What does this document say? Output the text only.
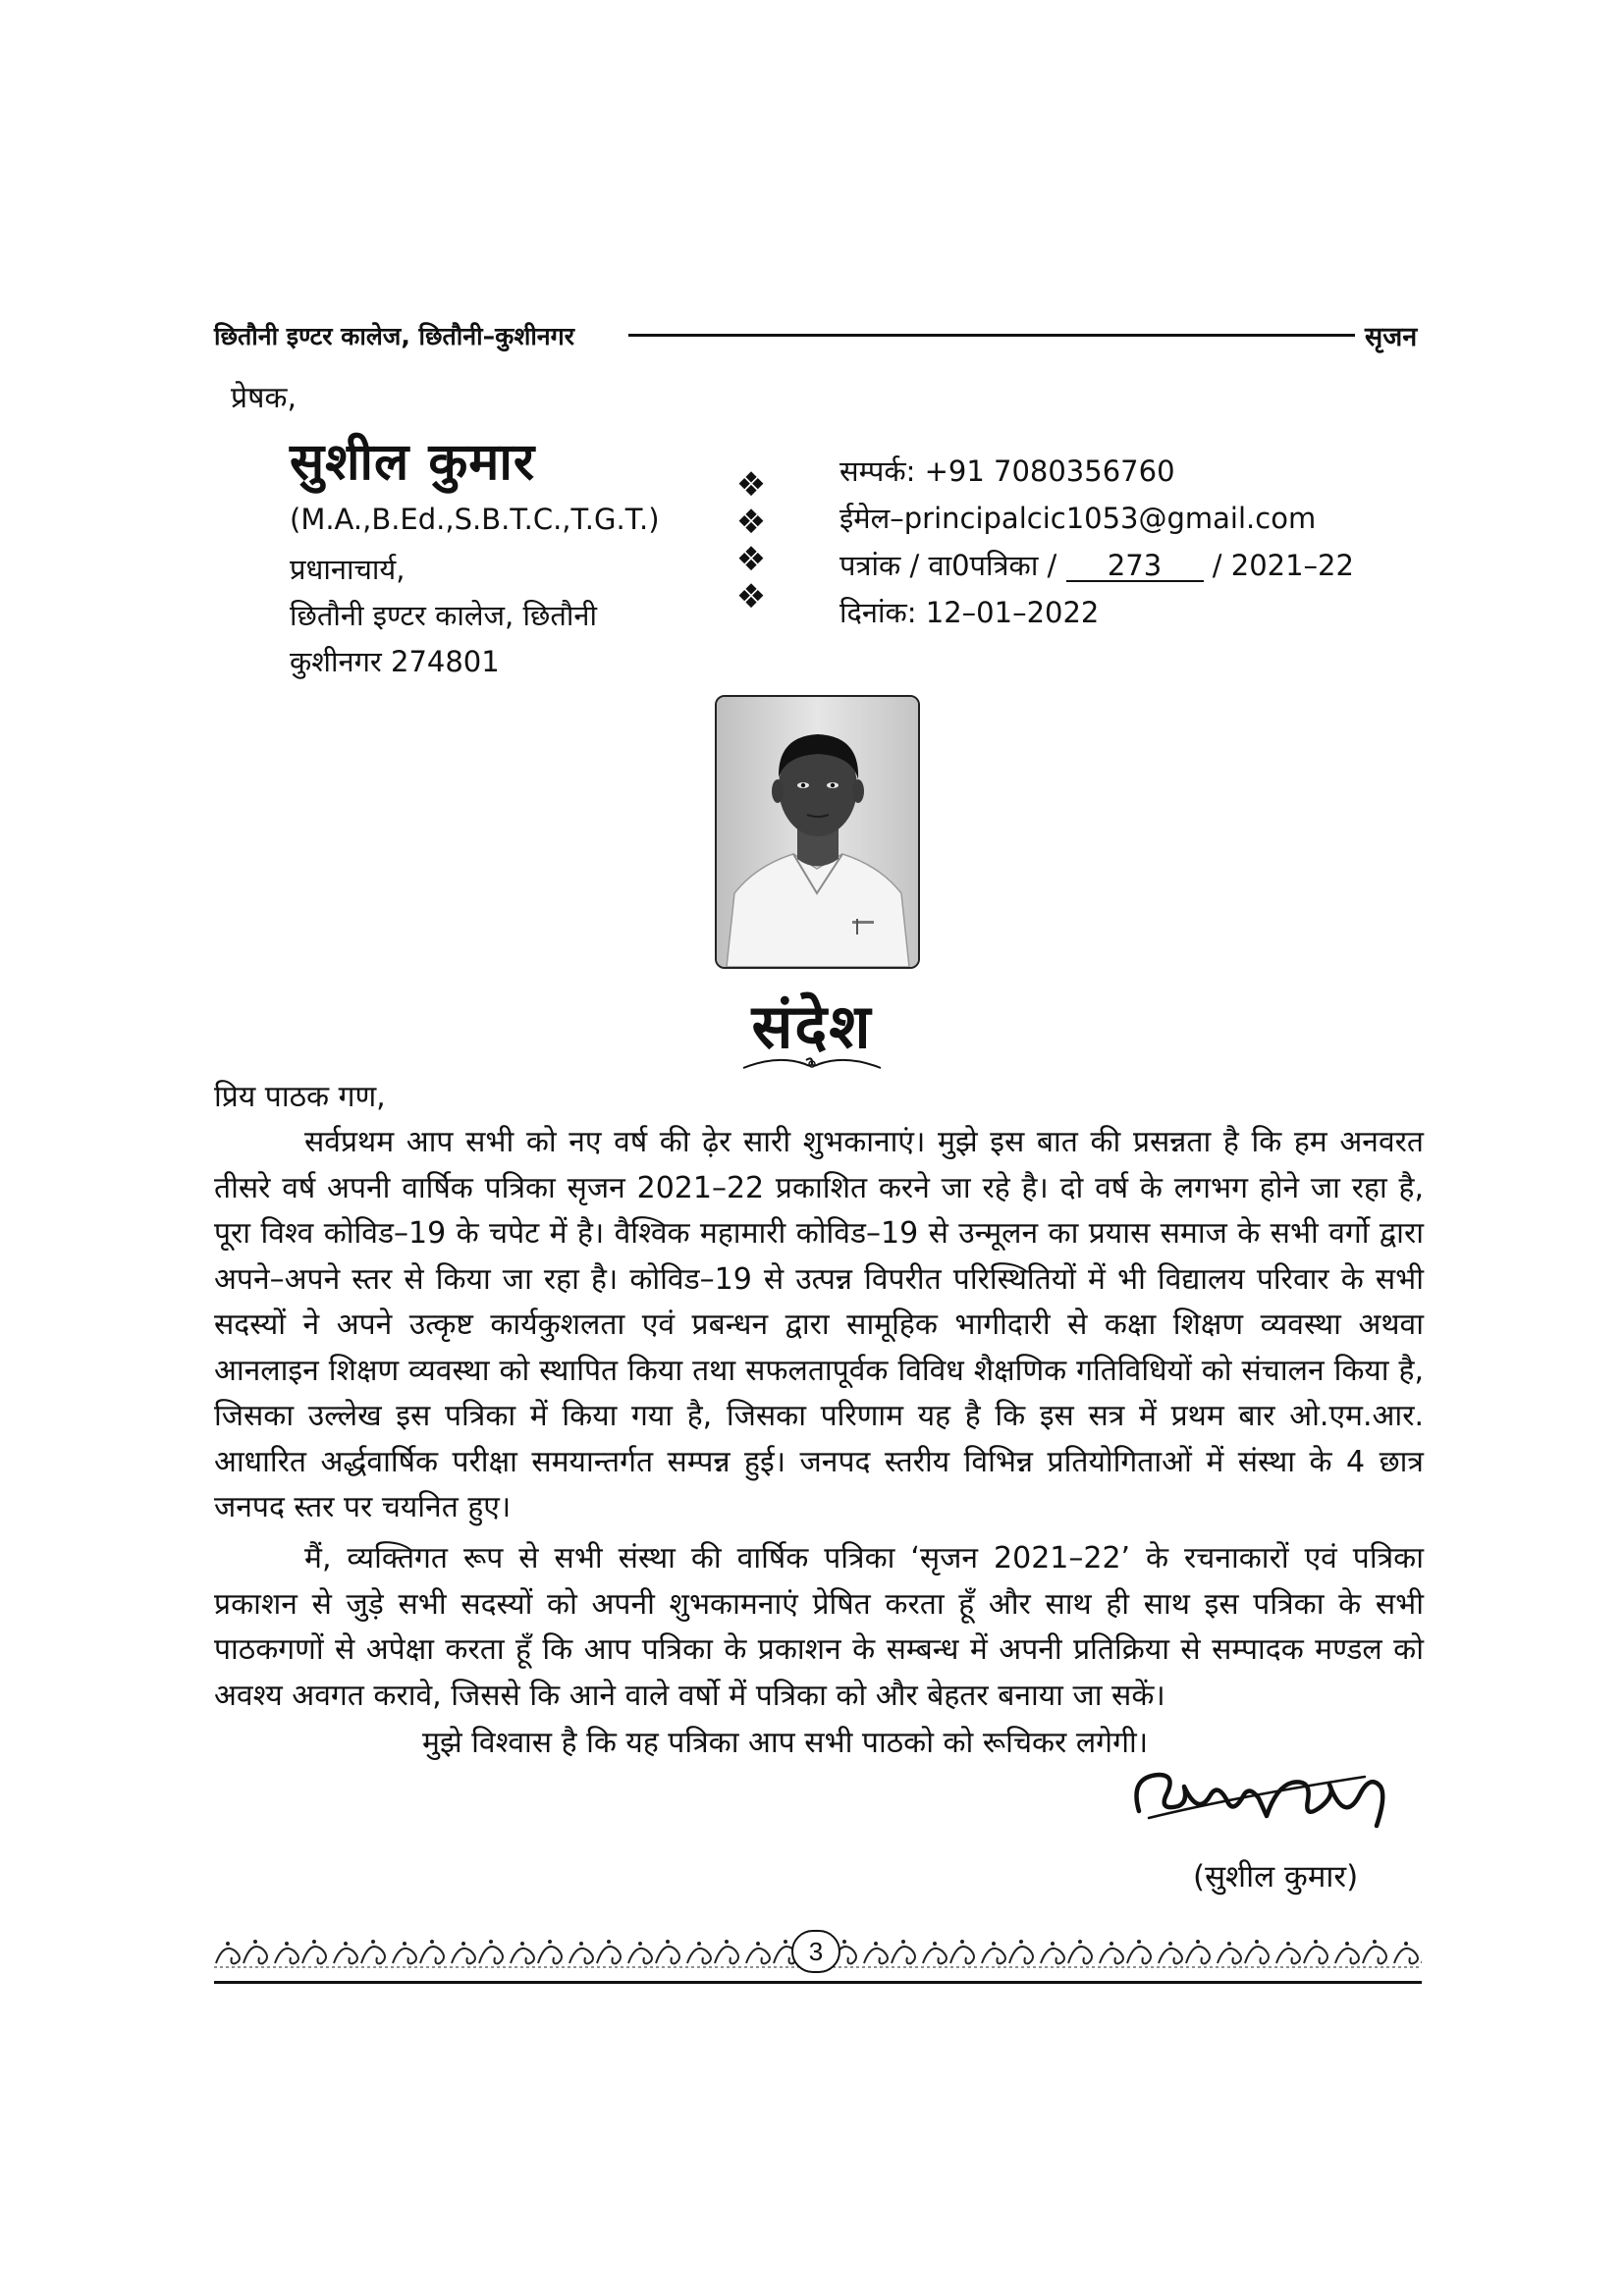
छितौनी इण्टर कालेज, छितौनी–कुशीनगर	सृजन
प्रेषक,
सुशील कुमार
(M.A.,B.Ed.,S.B.T.C.,T.G.T.)
प्रधानाचार्य,
छितौनी इण्टर कालेज, छितौनी
कुशीनगर 274801
❖
❖
❖
❖
सम्पर्क: +91 7080356760
ईमेल–principalcic1053@gmail.com
पत्रांक / वा0पत्रिका / 273 / 2021–22
दिनांक: 12–01–2022
संदेश
प्रिय पाठक गण,
सर्वप्रथम आप सभी को नए वर्ष की ढ़ेर सारी शुभकानाएं। मुझे इस बात की प्रसन्नता है कि हम अनवरत तीसरे वर्ष अपनी वार्षिक पत्रिका सृजन 2021–22 प्रकाशित करने जा रहे है। दो वर्ष के लगभग होने जा रहा है, पूरा विश्व कोविड–19 के चपेट में है। वैश्विक महामारी कोविड–19 से उन्मूलन का प्रयास समाज के सभी वर्गो द्वारा अपने–अपने स्तर से किया जा रहा है। कोविड–19 से उत्पन्न विपरीत परिस्थितियों में भी विद्यालय परिवार के सभी सदस्यों ने अपने उत्कृष्ट कार्यकुशलता एवं प्रबन्धन द्वारा सामूहिक भागीदारी से कक्षा शिक्षण व्यवस्था अथवा आनलाइन शिक्षण व्यवस्था को स्थापित किया तथा सफलतापूर्वक विविध शैक्षणिक गतिविधियों को संचालन किया है, जिसका उल्लेख इस पत्रिका में किया गया है, जिसका परिणाम यह है कि इस सत्र में प्रथम बार ओ.एम.आर. आधारित अर्द्धवार्षिक परीक्षा समयान्तर्गत सम्पन्न हुई। जनपद स्तरीय विभिन्न प्रतियोगिताओं में संस्था के 4 छात्र जनपद स्तर पर चयनित हुए।
मैं, व्यक्तिगत रूप से सभी संस्था की वार्षिक पत्रिका ‘सृजन 2021–22’ के रचनाकारों एवं पत्रिका प्रकाशन से जुड़े सभी सदस्यों को अपनी शुभकामनाएं प्रेषित करता हूँ और साथ ही साथ इस पत्रिका के सभी पाठकगणों से अपेक्षा करता हूँ कि आप पत्रिका के प्रकाशन के सम्बन्ध में अपनी प्रतिक्रिया से सम्पादक मण्डल को अवश्य अवगत करावे, जिससे कि आने वाले वर्षो में पत्रिका को और बेहतर बनाया जा सकें।
मुझे विश्वास है कि यह पत्रिका आप सभी पाठको को रूचिकर लगेगी।
(सुशील कुमार)
3
